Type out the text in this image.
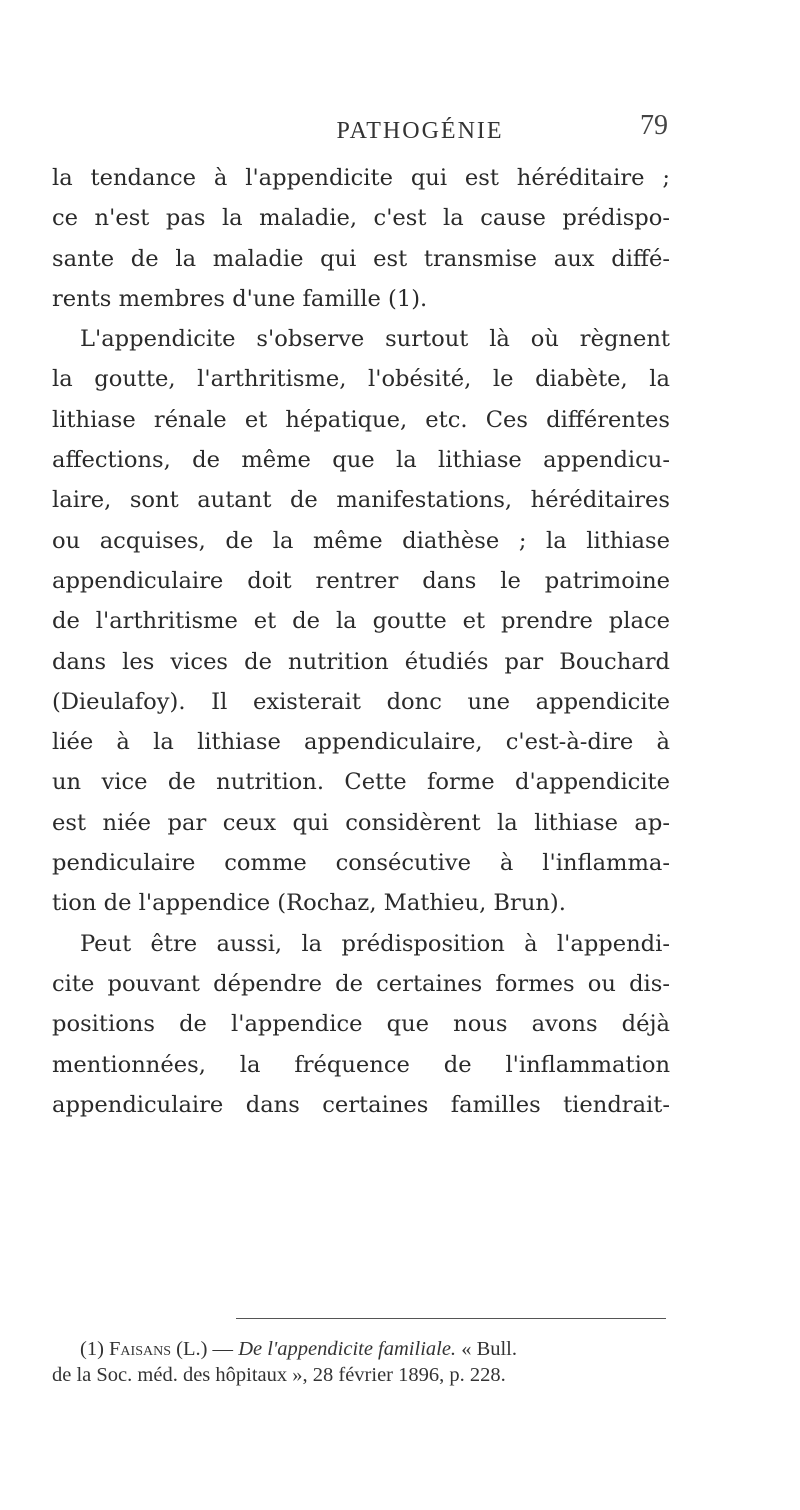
PATHOGÉNIE	79
la tendance à l'appendicite qui est héréditaire ;
ce n'est pas la maladie, c'est la cause prédispo-
sante de la maladie qui est transmise aux diffé-
rents membres d'une famille (1).
L'appendicite s'observe surtout là où règnent
la goutte, l'arthritisme, l'obésité, le diabète, la
lithiase rénale et hépatique, etc. Ces différentes
affections, de même que la lithiase appendicu-
laire, sont autant de manifestations, héréditaires
ou acquises, de la même diathèse ; la lithiase
appendiculaire doit rentrer dans le patrimoine
de l'arthritisme et de la goutte et prendre place
dans les vices de nutrition étudiés par Bouchard
(Dieulafoy). Il existerait donc une appendicite
liée à la lithiase appendiculaire, c'est-à-dire à
un vice de nutrition. Cette forme d'appendicite
est niée par ceux qui considèrent la lithiase ap-
pendiculaire comme consécutive à l'inflamma-
tion de l'appendice (Rochaz, Mathieu, Brun).
Peut être aussi, la prédisposition à l'appendi-
cite pouvant dépendre de certaines formes ou dis-
positions de l'appendice que nous avons déjà
mentionnées, la fréquence de l'inflammation
appendiculaire dans certaines familles tiendrait-
(1) Faisans (L.) — De l'appendicite familiale. « Bull.
de la Soc. méd. des hôpitaux », 28 février 1896, p. 228.
